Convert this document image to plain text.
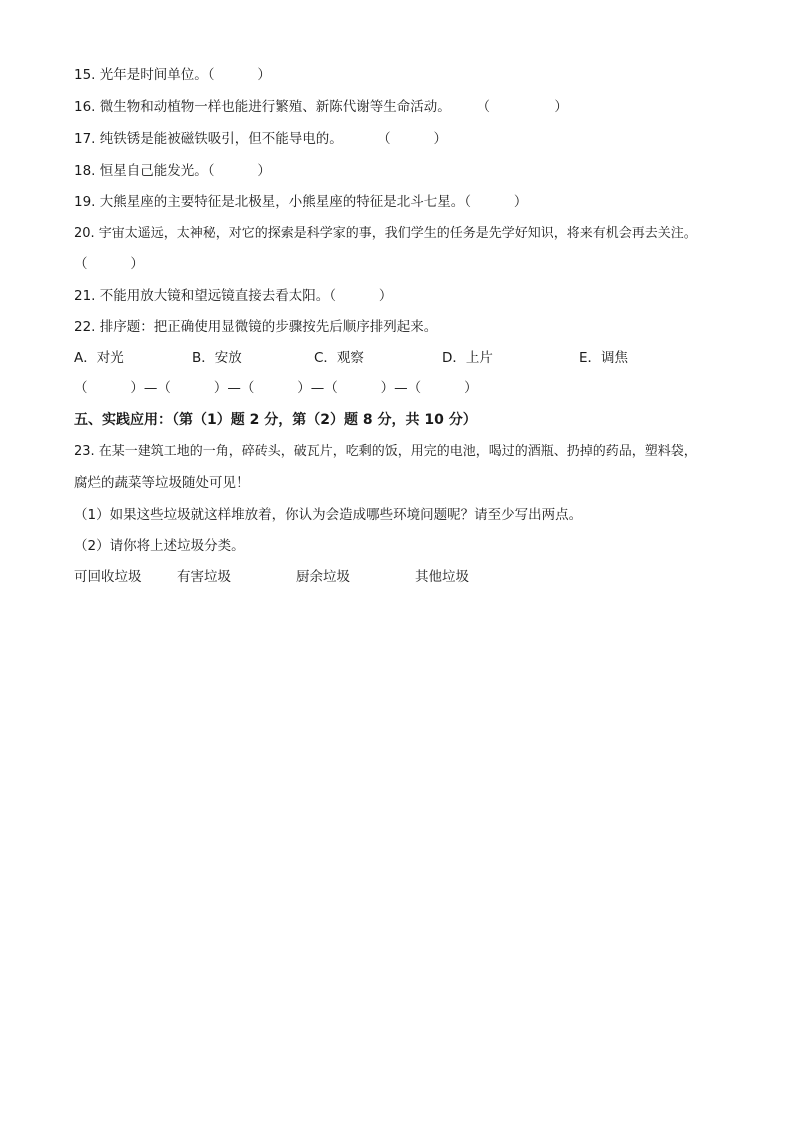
15. 光年是时间单位。（          ）
16. 微生物和动植物一样也能进行繁殖、新陈代谢等生命活动。      （               ）
17. 纯铁锈是能被磁铁吸引，但不能导电的。        （          ）
18. 恒星自己能发光。（          ）
19. 大熊星座的主要特征是北极星，小熊星座的特征是北斗七星。（          ）
20. 宇宙太遥远，太神秘，对它的探索是科学家的事，我们学生的任务是先学好知识，将来有机会再去关注。
（          ）
21. 不能用放大镜和望远镜直接去看太阳。（          ）
22. 排序题：把正确使用显微镜的步骤按先后顺序排列起来。
A．对光	B．安放	C．观察	D．上片	E．调焦
（          ）—（          ）—（          ）—（          ）—（          ）
五、实践应用：（第（1）题 2 分，第（2）题 8 分，共 10 分）
23. 在某一建筑工地的一角，碎砖头，破瓦片，吃剩的饭，用完的电池，喝过的酒瓶、扔掉的药品，塑料袋，
腐烂的蔬菜等垃圾随处可见！
（1）如果这些垃圾就这样堆放着，你认为会造成哪些环境问题呢？请至少写出两点。
（2）请你将上述垃圾分类。
可回收垃圾	有害垃圾	厨余垃圾	其他垃圾
